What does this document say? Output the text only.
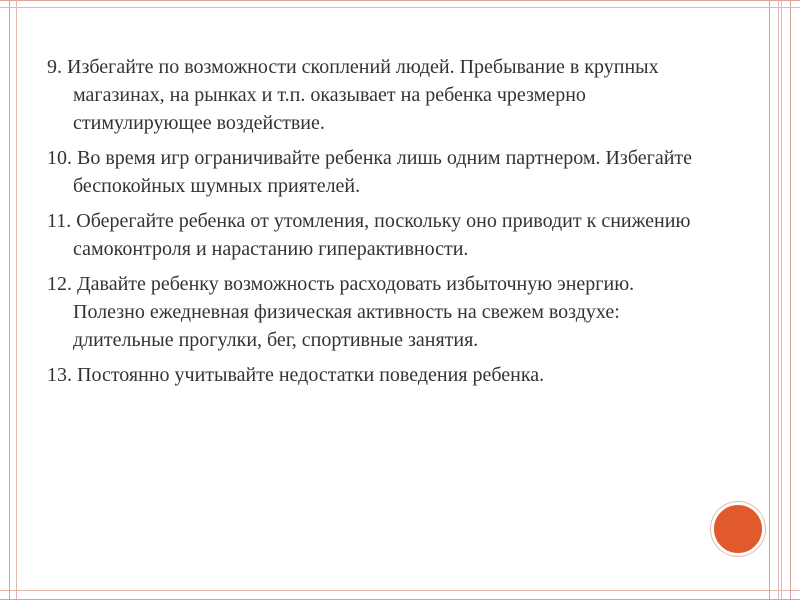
9. Избегайте по возможности скоплений людей. Пребывание в крупных магазинах, на рынках и т.п. оказывает на ребенка чрезмерно стимулирующее воздействие.

10. Во время игр ограничивайте ребенка лишь одним партнером. Избегайте беспокойных шумных приятелей.

11. Оберегайте ребенка от утомления, поскольку оно приводит к снижению самоконтроля и нарастанию гиперактивности.

12. Давайте ребенку возможность расходовать избыточную энергию. Полезно ежедневная физическая активность на свежем воздухе: длительные прогулки, бег, спортивные занятия.

13. Постоянно учитывайте недостатки поведения ребенка.
